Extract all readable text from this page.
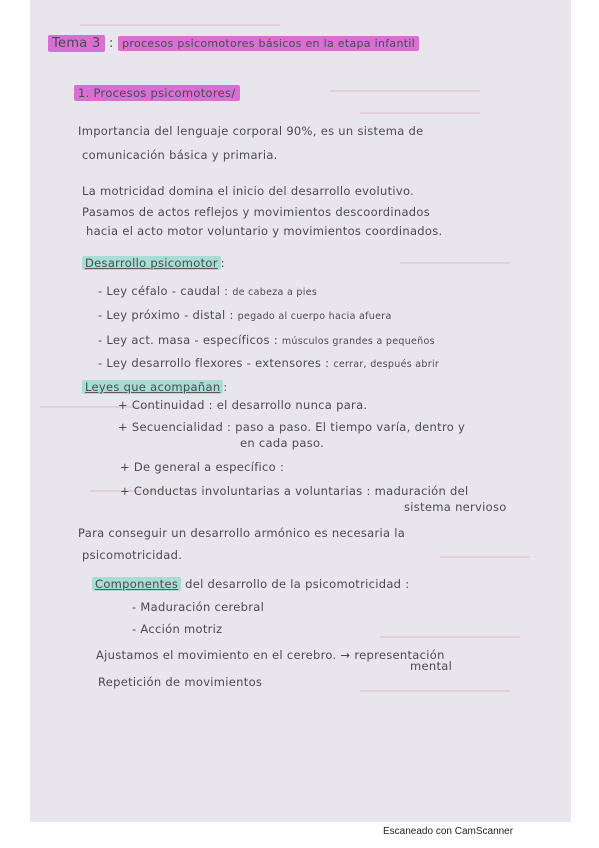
Tema 3 : procesos psicomotores básicos en la etapa infantil
1. Procesos psicomotores/
Importancia del lenguaje corporal 90%, es un sistema de
comunicación básica y primaria.
La motricidad domina el inicio del desarrollo evolutivo.
Pasamos de actos reflejos y movimientos descoordinados
hacia el acto motor voluntario y movimientos coordinados.
Desarrollo psicomotor :
- Ley céfalo - caudal : de cabeza a pies
- Ley próximo - distal : pegado al cuerpo hacia afuera
- Ley act. masa - específicos : músculos grandes a pequeños
- Ley desarrollo flexores - extensores : cerrar, después abrir
Leyes que acompañan :
+ Continuidad : el desarrollo nunca para.
+ Secuencialidad : paso a paso. El tiempo varía, dentro y
en cada paso.
+ De general a específico :
+ Conductas involuntarias a voluntarias : maduración del
sistema nervioso
Para conseguir un desarrollo armónico es necesaria la
psicomotricidad.
Componentes del desarrollo de la psicomotricidad :
- Maduración cerebral
- Acción motriz
Ajustamos el movimiento en el cerebro. → representación
mental
Repetición de movimientos
Escaneado con CamScanner
